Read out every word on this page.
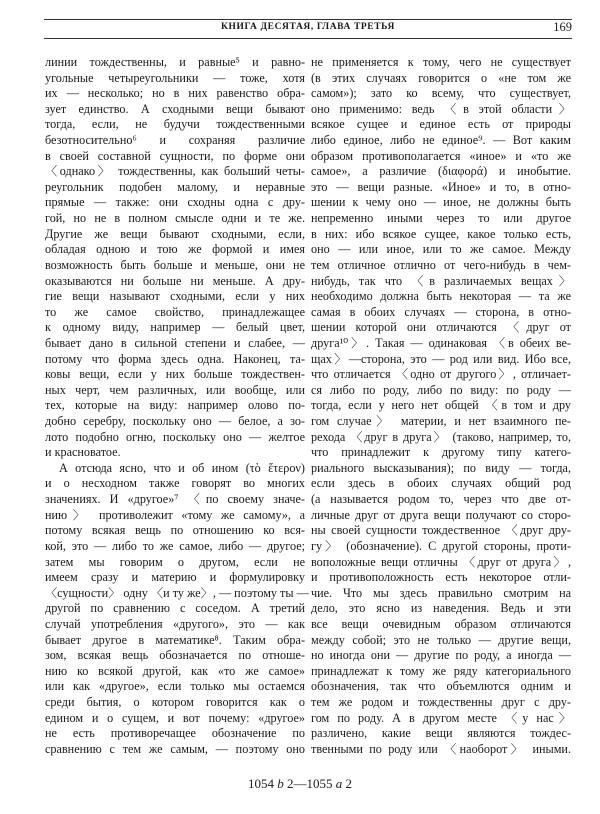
КНИГА ДЕСЯТАЯ, ГЛАВА ТРЕТЬЯ	169
линии тождественны, и равные⁵ и равно-
угольные четыреугольники — тоже, хотя
их — несколько; но в них равенство обра-
зует единство. А сходными вещи бывают
тогда, если, не будучи тождественными
безотносительно⁶ и сохраняя различие
в своей составной сущности, по форме они
〈однако〉 тождественны, как больший четы-
реугольник подобен малому, и неравные
прямые — также: они сходны одна с дру-
гой, но не в полном смысле одни и те же.
Другие же вещи бывают сходными, если,
обладая одною и тою же формой и имея
возможность быть больше и меньше, они не
оказываются ни больше ни меньше. А дру-
гие вещи называют сходными, если у них
то же самое свойство, принадлежащее
к одному виду, например — белый цвет,
бывает дано в сильной степени и слабее, —
потому что форма здесь одна. Наконец, та-
ковы вещи, если у них больше тождествен-
ных черт, чем различных, или вообще, или
тех, которые на виду: например олово по-
добно серебру, поскольку оно — белое, а зо-
лото подобно огню, поскольку оно — желтое
и красноватое.
А отсюда ясно, что и об ином (τὸ ἕτερον)
и о несходном также говорят во многих
значениях. И «другое»⁷ 〈по своему значе-
нию〉 противолежит «тому же самому», а
потому всякая вещь по отношению ко вся-
кой, это — либо то же самое, либо — другое;
затем мы говорим о другом, если не
имеем сразу и материю и формулировку
〈сущности〉 одну 〈и ту же〉, — поэтому ты —
другой по сравнению с соседом. А третий
случай употребления «другого», это — как
бывает другое в математике⁸. Таким обра-
зом, всякая вещь обозначается по отноше-
нию ко всякой другой, как «то же самое»
или как «другое», если только мы остаемся
среди бытия, о котором говорится как о
едином и о сущем, и вот почему: «другое»
не есть противоречащее обозначение по
сравнению с тем же самым, — поэтому оно
не применяется к тому, чего не существует
(в этих случаях говорится о «не том же
самом»); зато ко всему, что существует,
оно применимо: ведь 〈в этой области〉
всякое сущее и единое есть от природы
либо единое, либо не единое⁹. — Вот каким
образом противополагается «иное» и «то же
самое», а различие (διαφορά) и инобытие.
это — вещи разные. «Иное» и то, в отно-
шении к чему оно — иное, не должны быть
непременно иными через то или другое
в них: ибо всякое сущее, какое только есть,
оно — или иное, или то же самое. Между
тем отличное отлично от чего-нибудь в чем-
нибудь, так что 〈в различаемых вещах〉
необходимо должна быть некоторая — та же
самая в обоих случаях — сторона, в отно-
шении которой они отличаются 〈друг от
друга¹⁰〉. Такая — одинаковая 〈в обеих ве-
щах〉—сторона, это — род или вид. Ибо все,
что отличается 〈одно от другого〉, отличает-
ся либо по роду, либо по виду: по роду —
тогда, если у него нет общей 〈в том и дру
гом случае〉 материи, и нет взаимного пе-
рехода 〈друг в друга〉 (таково, например, то,
что принадлежит к другому типу катего-
риального высказывания); по виду — тогда,
если здесь в обоих случаях общий род
(а называется родом то, через что две от-
личные друг от друга вещи получают со сторо-
ны своей сущности тождественное 〈друг дру-
гу〉 (обозначение). С другой стороны, проти-
воположные вещи отличны 〈друг от друга〉,
и противоположность есть некоторое отли-
чие. Что мы здесь правильно смотрим на
дело, это ясно из наведения. Ведь и эти
все вещи очевидным образом отличаются
между собой; это не только — другие вещи,
но иногда они — другие по роду, а иногда —
принадлежат к тому же ряду категориального
обозначения, так что объемлются одним и
тем же родом и тождественны друг с дру-
гом по роду. А в другом месте 〈у нас〉
различено, какие вещи являются тождес-
твенными по роду или 〈наоборот〉 иными.
1054 b 2—1055 a 2
